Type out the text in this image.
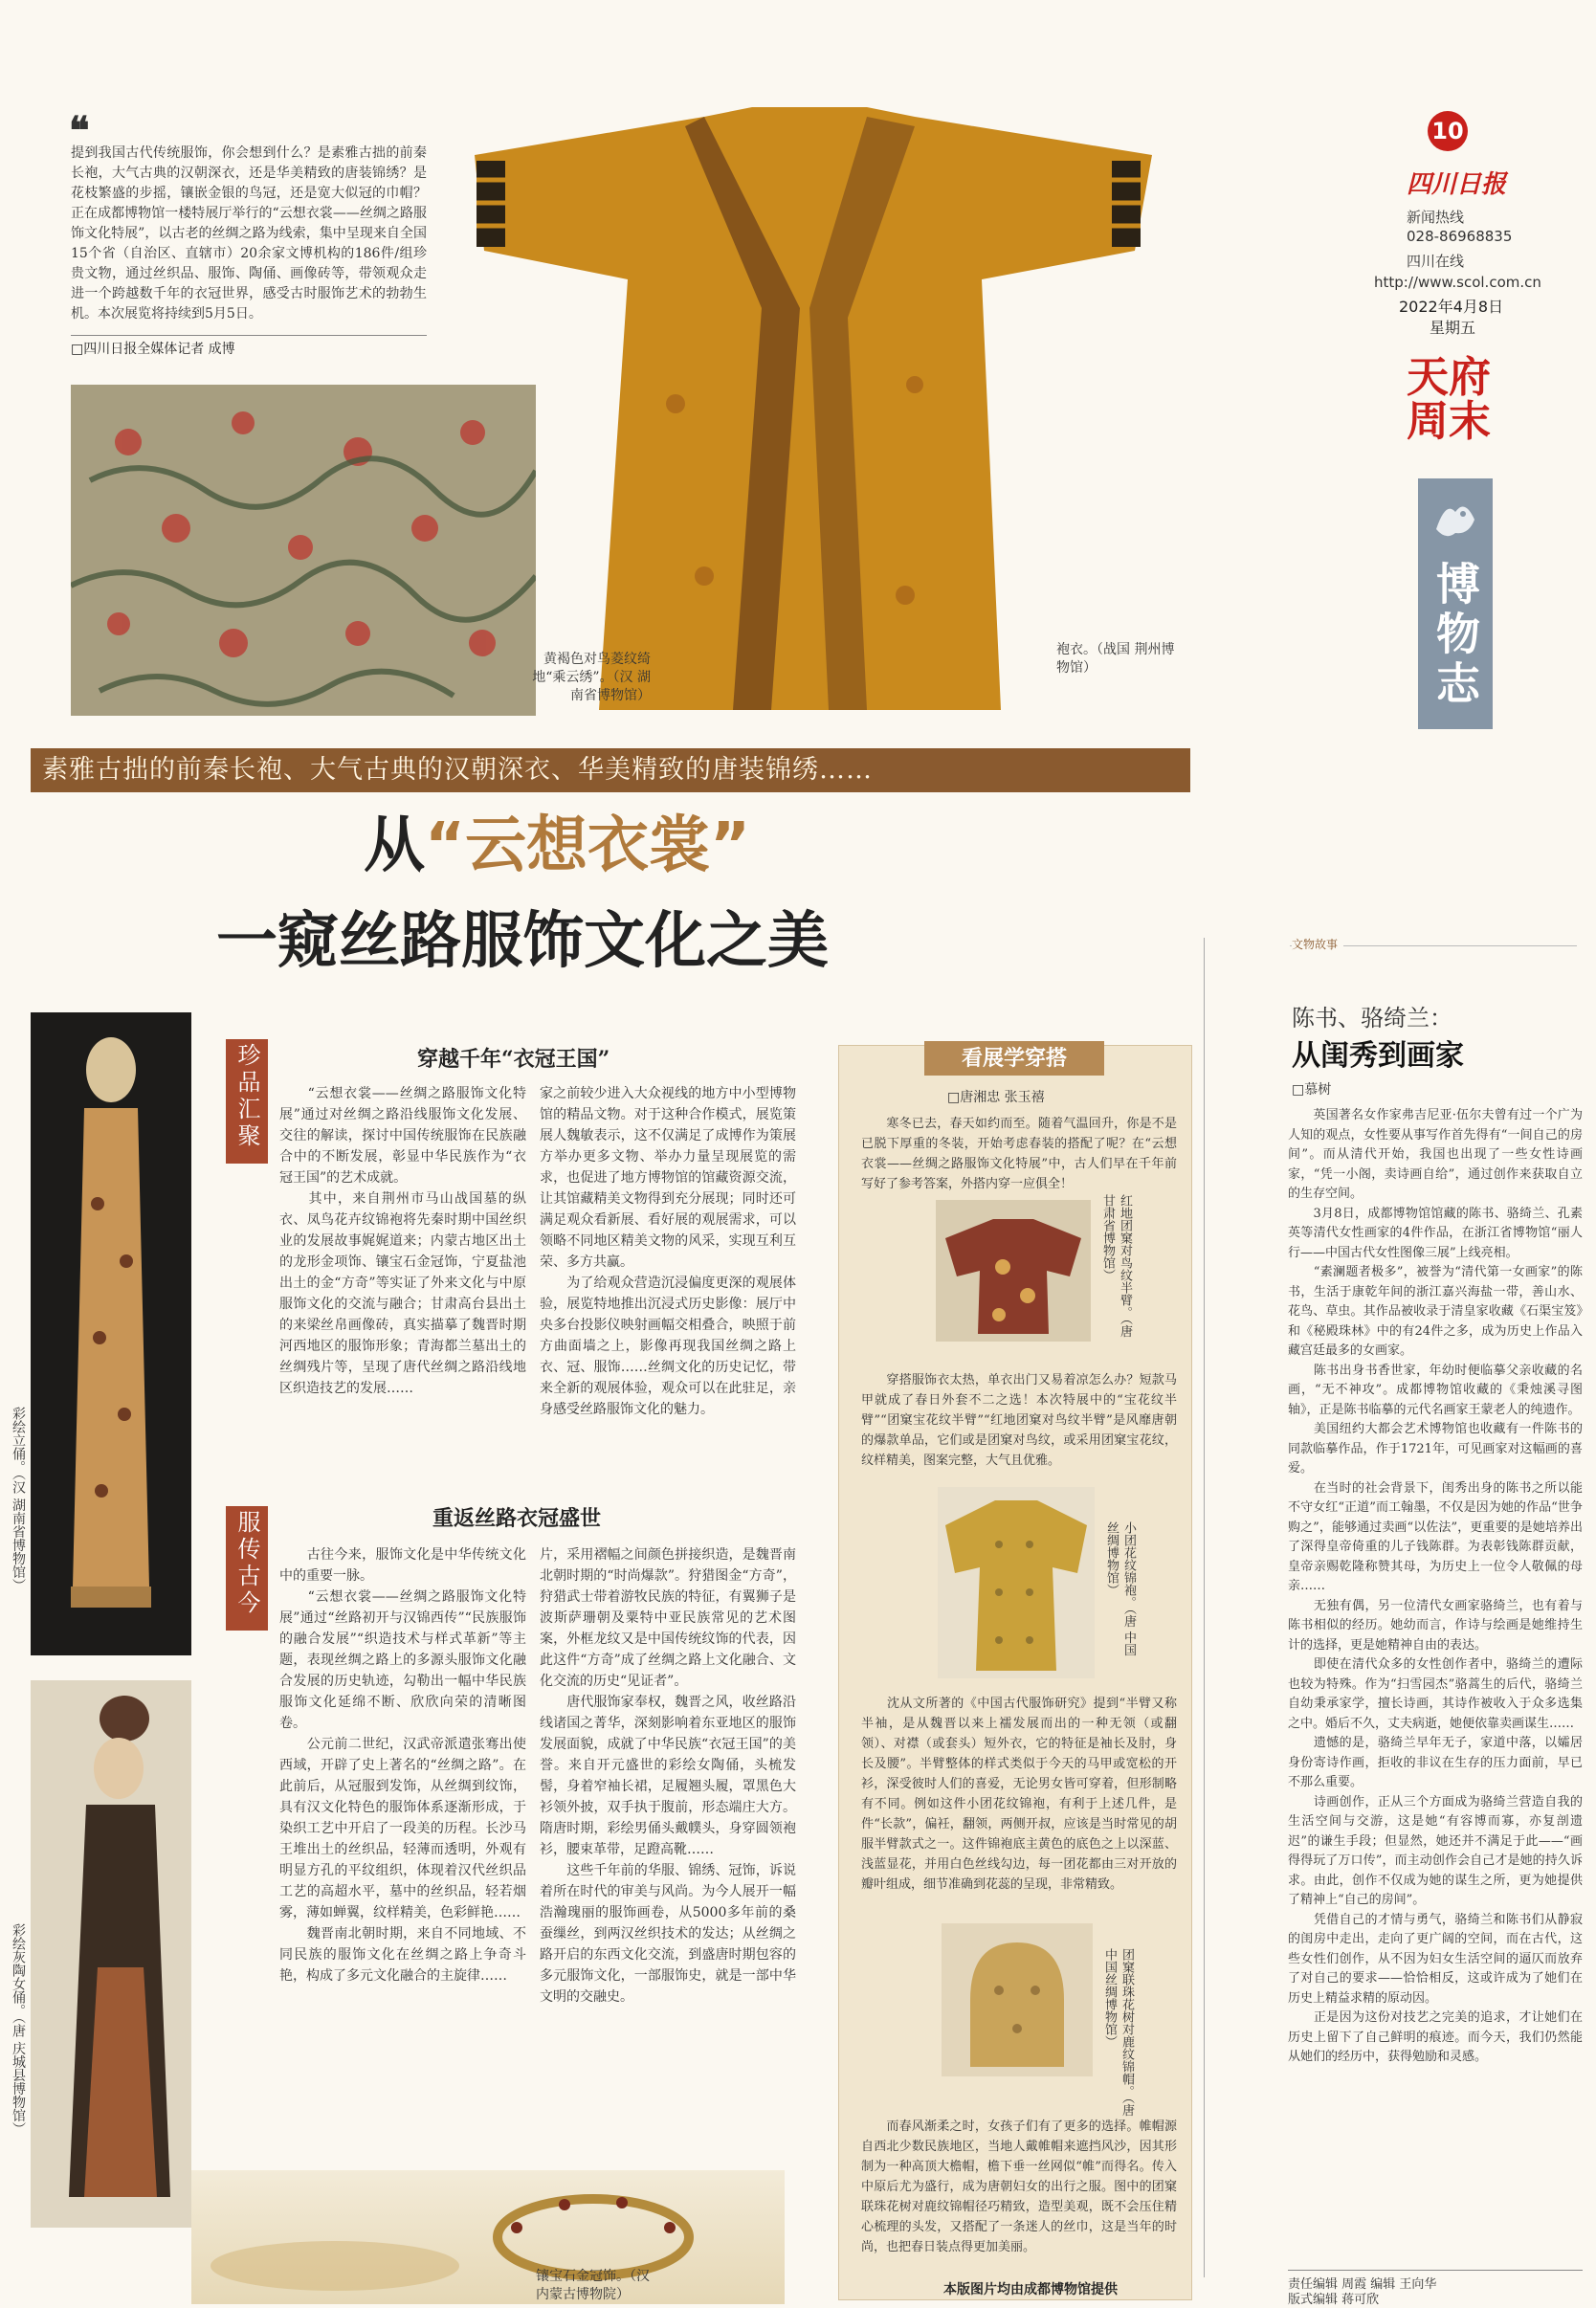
10
四川日报
新闻热线
028-86968835
四川在线
http://www.scol.com.cn
2022年4月8日
星期五
天府周末
博物志
❝
提到我国古代传统服饰，你会想到什么？是素雅古拙的前秦长袍，大气古典的汉朝深衣，还是华美精致的唐装锦绣？是花枝繁盛的步摇，镶嵌金银的鸟冠，还是宽大似冠的巾帽？正在成都博物馆一楼特展厅举行的“云想衣裳——丝绸之路服饰文化特展”，以古老的丝绸之路为线索，集中呈现来自全国15个省（自治区、直辖市）20余家文博机构的186件/组珍贵文物，通过丝织品、服饰、陶俑、画像砖等，带领观众走进一个跨越数千年的衣冠世界，感受古时服饰艺术的勃勃生机。本次展览将持续到5月5日。
□四川日报全媒体记者 成博
黄褐色对鸟菱纹绮地“乘云绣”。（汉 湖南省博物馆）
袍衣。（战国 荆州博物馆）
素雅古拙的前秦长袍、大气古典的汉朝深衣、华美精致的唐装锦绣……
从“云想衣裳”
一窥丝路服饰文化之美
彩绘立俑。（汉 湖南省博物馆）
彩绘灰陶女俑。（唐 庆城县博物馆）
珍品汇聚	穿越千年“衣冠王国”
　　“云想衣裳——丝绸之路服饰文化特展”通过对丝绸之路沿线服饰文化发展、交往的解读，探讨中国传统服饰在民族融合中的不断发展，彰显中华民族作为“衣冠王国”的艺术成就。
　　其中，来自荆州市马山战国墓的纵衣、凤鸟花卉纹锦袍将先秦时期中国丝织业的发展故事娓娓道来；内蒙古地区出土的龙形金项饰、镶宝石金冠饰，宁夏盐池出土的金“方奇”等实证了外来文化与中原服饰文化的交流与融合；甘肃高台县出土的来梁丝帛画像砖，真实描摹了魏晋时期河西地区的服饰形象；青海都兰墓出土的丝绸残片等，呈现了唐代丝绸之路沿线地区织造技艺的发展……
家之前较少进入大众视线的地方中小型博物馆的精品文物。对于这种合作模式，展览策展人魏敏表示，这不仅满足了成博作为策展方举办更多文物、举办力量呈现展览的需求，也促进了地方博物馆的馆藏资源交流，让其馆藏精美文物得到充分展现；同时还可满足观众看新展、看好展的观展需求，可以领略不同地区精美文物的风采，实现互利互荣、多方共赢。
　　为了给观众营造沉浸偏度更深的观展体验，展览特地推出沉浸式历史影像：展厅中央多台投影仪映射画幅交相叠合，映照于前方曲面墙之上，影像再现我国丝绸之路上衣、冠、服饰……丝绸文化的历史记忆，带来全新的观展体验，观众可以在此驻足，亲身感受丝路服饰文化的魅力。
服传古今	重返丝路衣冠盛世
　　古往今来，服饰文化是中华传统文化中的重要一脉。
　　“云想衣裳——丝绸之路服饰文化特展”通过“丝路初开与汉锦西传”“民族服饰的融合发展”“织造技术与样式革新”等主题，表现丝绸之路上的多源头服饰文化融合发展的历史轨迹，勾勒出一幅中华民族服饰文化延绵不断、欣欣向荣的清晰图卷。
　　公元前二世纪，汉武帝派遣张骞出使西域，开辟了史上著名的“丝绸之路”。在此前后，从冠服到发饰，从丝绸到纹饰，具有汉文化特色的服饰体系逐渐形成，于染织工艺中开启了一段美的历程。长沙马王堆出土的丝织品，轻薄而透明，外观有明显方孔的平纹组织，体现着汉代丝织品工艺的高超水平，墓中的丝织品，轻若烟雾，薄如蝉翼，纹样精美，色彩鲜艳……
　　魏晋南北朝时期，来自不同地域、不同民族的服饰文化在丝绸之路上争奇斗艳，构成了多元文化融合的主旋律……
片，采用褶幅之间颜色拼接织造，是魏晋南北朝时期的“时尚爆款”。狩猎图金“方奇”，狩猎武士带着游牧民族的特征，有翼狮子是波斯萨珊朝及粟特中亚民族常见的艺术图案，外框龙纹又是中国传统纹饰的代表，因此这件“方奇”成了丝绸之路上文化融合、文化交流的历史“见证者”。
　　唐代服饰家奉权，魏晋之风，收丝路沿线诸国之菁华，深刻影响着东亚地区的服饰发展面貌，成就了中华民族“衣冠王国”的美誉。来自开元盛世的彩绘女陶俑，头梳发髻，身着窄袖长裙，足履翘头履，罩黑色大衫领外披，双手执于腹前，形态端庄大方。隋唐时期，彩绘男俑头戴幞头，身穿圆领袍衫，腰束革带，足蹬高靴……
　　这些千年前的华服、锦绣、冠饰，诉说着所在时代的审美与风尚。为今人展开一幅浩瀚瑰丽的服饰画卷，从5000多年前的桑蚕缫丝，到两汉丝织技术的发达；从丝绸之路开启的东西文化交流，到盛唐时期包容的多元服饰文化，一部服饰史，就是一部中华文明的交融史。
镶宝石金冠饰。（汉 内蒙古博物院）
看展学穿搭
□唐湘忠 张玉禧
　　寒冬已去，春天如约而至。随着气温回升，你是不是已脱下厚重的冬装，开始考虑春装的搭配了呢？在“云想衣裳——丝绸之路服饰文化特展”中，古人们早在千年前写好了参考答案，外搭内穿一应俱全！
红地团窠对鸟纹半臂。（唐 甘肃省博物馆）
　　穿搭服饰衣太热，单衣出门又易着凉怎么办？短款马甲就成了春日外套不二之选！本次特展中的“宝花纹半臂”“团窠宝花纹半臂”“红地团窠对鸟纹半臂”是风靡唐朝的爆款单品，它们或是团窠对鸟纹，或采用团窠宝花纹，纹样精美，图案完整，大气且优雅。
小团花纹锦袍。（唐 中国丝绸博物馆）
　　沈从文所著的《中国古代服饰研究》提到“半臂又称半袖，是从魏晋以来上襦发展而出的一种无领（或翻领）、对襟（或套头）短外衣，它的特征是袖长及肘，身长及腰”。半臂整体的样式类似于今天的马甲或宽松的开衫，深受彼时人们的喜爱，无论男女皆可穿着，但形制略有不同。例如这件小团花纹锦袍，有利于上述几件，是件“长款”，偏衽，翻领，两侧开叔，应该是当时常见的胡服半臂款式之一。这件锦袍底主黄色的底色之上以深蓝、浅蓝显花，并用白色丝线勾边，每一团花都由三对开放的瓣叶组成，细节准确到花蕊的呈现，非常精致。
团窠联珠花树对鹿纹锦帽。（唐 中国丝绸博物馆）
　　而春风渐柔之时，女孩子们有了更多的选择。帷帽源自西北少数民族地区，当地人戴帷帽来遮挡风沙，因其形制为一种高顶大檐帽，檐下垂一丝网似“帷”而得名。传入中原后尤为盛行，成为唐朝妇女的出行之服。图中的团窠联珠花树对鹿纹锦帽径巧精致，造型美观，既不会压住精心梳理的头发，又搭配了一条迷人的丝巾，这是当年的时尚，也把春日装点得更加美丽。
本版图片均由成都博物馆提供
文物故事
陈书、骆绮兰：
从闺秀到画家
□慕树
　　英国著名女作家弗吉尼亚·伍尔夫曾有过一个广为人知的观点，女性要从事写作首先得有“一间自己的房间”。而从清代开始，我国也出现了一些女性诗画家，“凭一小阁，卖诗画自给”，通过创作来获取自立的生存空间。
　　3月8日，成都博物馆馆藏的陈书、骆绮兰、孔素英等清代女性画家的4件作品，在浙江省博物馆“丽人行——中国古代女性图像三展”上线亮相。
　　“素澜题者极多”，被誉为“清代第一女画家”的陈书，生活于康乾年间的浙江嘉兴海盐一带，善山水、花鸟、草虫。其作品被收录于清皇家收藏《石渠宝笈》和《秘殿珠林》中的有24件之多，成为历史上作品入藏宫廷最多的女画家。
　　陈书出身书香世家，年幼时便临摹父亲收藏的名画，“无不神攻”。成都博物馆收藏的《秉烛溪寻图轴》，正是陈书临摹的元代名画家王蒙老人的纯遗作。
　　美国纽约大都会艺术博物馆也收藏有一件陈书的同款临摹作品，作于1721年，可见画家对这幅画的喜爱。
　　在当时的社会背景下，闺秀出身的陈书之所以能不守女红“正道”而工翰墨，不仅是因为她的作品“世争购之”，能够通过卖画“以佐法”，更重要的是她培养出了深得皇帝倚重的儿子钱陈群。为表彰钱陈群贡献，皇帝亲赐乾隆称赞其母，为历史上一位令人敬佩的母亲……
　　无独有偶，另一位清代女画家骆绮兰，也有着与陈书相似的经历。她幼而言，作诗与绘画是她维持生计的选择，更是她精神自由的表达。
　　即使在清代众多的女性创作者中，骆绮兰的遭际也较为特殊。作为“扫雪园杰”骆蒿生的后代，骆绮兰自幼秉承家学，擅长诗画，其诗作被收入于众多选集之中。婚后不久，丈夫病逝，她便依靠卖画谋生……
　　遗憾的是，骆绮兰早年无子，家道中落，以孀居身份寄诗作画，拒收的非议在生存的压力面前，早已不那么重要。
　　诗画创作，正从三个方面成为骆绮兰营造自我的生活空间与交游，这是她“有容博而寡，亦复剖遗迟”的谦生手段；但显然，她还并不满足于此——“画得得玩了万口传”，而主动创作会自己才是她的持久诉求。由此，创作不仅成为她的谋生之所，更为她提供了精神上“自己的房间”。
　　凭借自己的才情与勇气，骆绮兰和陈书们从静寂的闺房中走出，走向了更广阔的空间，而在古代，这些女性们创作，从不因为妇女生活空间的逼仄而放弃了对自己的要求——恰恰相反，这或许成为了她们在历史上精益求精的原动因。
　　正是因为这份对技艺之完美的追求，才让她们在历史上留下了自己鲜明的痕迹。而今天，我们仍然能从她们的经历中，获得勉励和灵感。
责任编辑 周霞 编辑 王向华
版式编辑 蒋可欣
